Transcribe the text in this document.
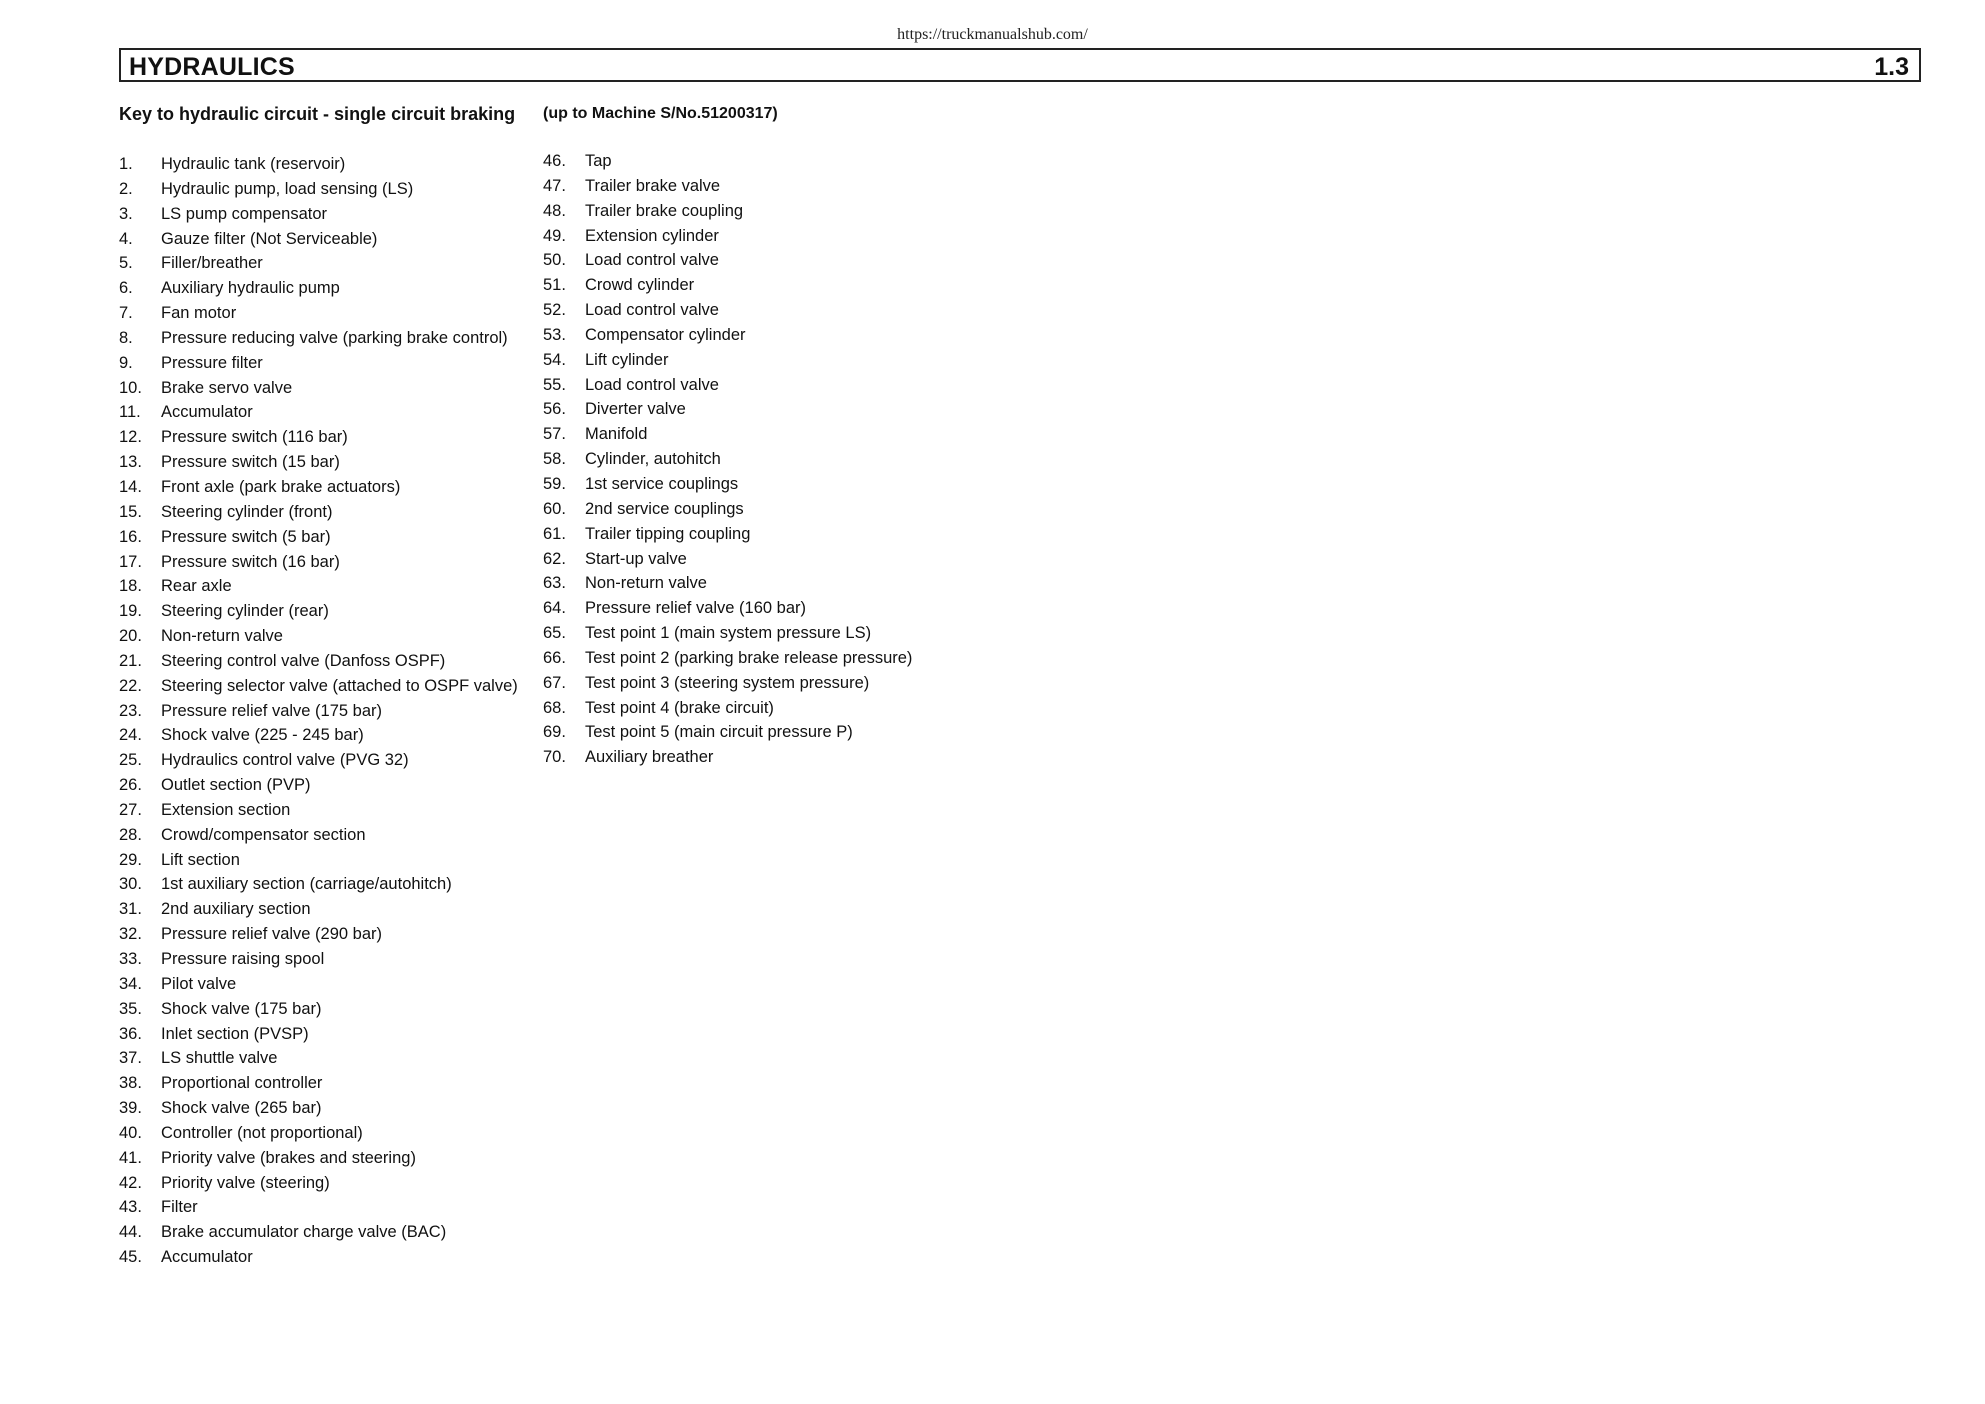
https://truckmanualshub.com/
HYDRAULICS	1.3
Key to hydraulic circuit - single circuit braking (up to Machine S/No.51200317)
1. Hydraulic tank (reservoir)
2. Hydraulic pump, load sensing (LS)
3. LS pump compensator
4. Gauze filter (Not Serviceable)
5. Filler/breather
6. Auxiliary hydraulic pump
7. Fan motor
8. Pressure reducing valve (parking brake control)
9. Pressure filter
10. Brake servo valve
11. Accumulator
12. Pressure switch (116 bar)
13. Pressure switch (15 bar)
14. Front axle (park brake actuators)
15. Steering cylinder (front)
16. Pressure switch (5 bar)
17. Pressure switch (16 bar)
18. Rear axle
19. Steering cylinder (rear)
20. Non-return valve
21. Steering control valve (Danfoss OSPF)
22. Steering selector valve (attached to OSPF valve)
23. Pressure relief valve (175 bar)
24. Shock valve (225 - 245 bar)
25. Hydraulics control valve (PVG 32)
26. Outlet section (PVP)
27. Extension section
28. Crowd/compensator section
29. Lift section
30. 1st auxiliary section (carriage/autohitch)
31. 2nd auxiliary section
32. Pressure relief valve (290 bar)
33. Pressure raising spool
34. Pilot valve
35. Shock valve (175 bar)
36. Inlet section (PVSP)
37. LS shuttle valve
38. Proportional controller
39. Shock valve (265 bar)
40. Controller (not proportional)
41. Priority valve (brakes and steering)
42. Priority valve (steering)
43. Filter
44. Brake accumulator charge valve (BAC)
45. Accumulator
46. Tap
47. Trailer brake valve
48. Trailer brake coupling
49. Extension cylinder
50. Load control valve
51. Crowd cylinder
52. Load control valve
53. Compensator cylinder
54. Lift cylinder
55. Load control valve
56. Diverter valve
57. Manifold
58. Cylinder, autohitch
59. 1st service couplings
60. 2nd service couplings
61. Trailer tipping coupling
62. Start-up valve
63. Non-return valve
64. Pressure relief valve (160 bar)
65. Test point 1 (main system pressure LS)
66. Test point 2 (parking brake release pressure)
67. Test point 3 (steering system pressure)
68. Test point 4 (brake circuit)
69. Test point 5 (main circuit pressure P)
70. Auxiliary breather
